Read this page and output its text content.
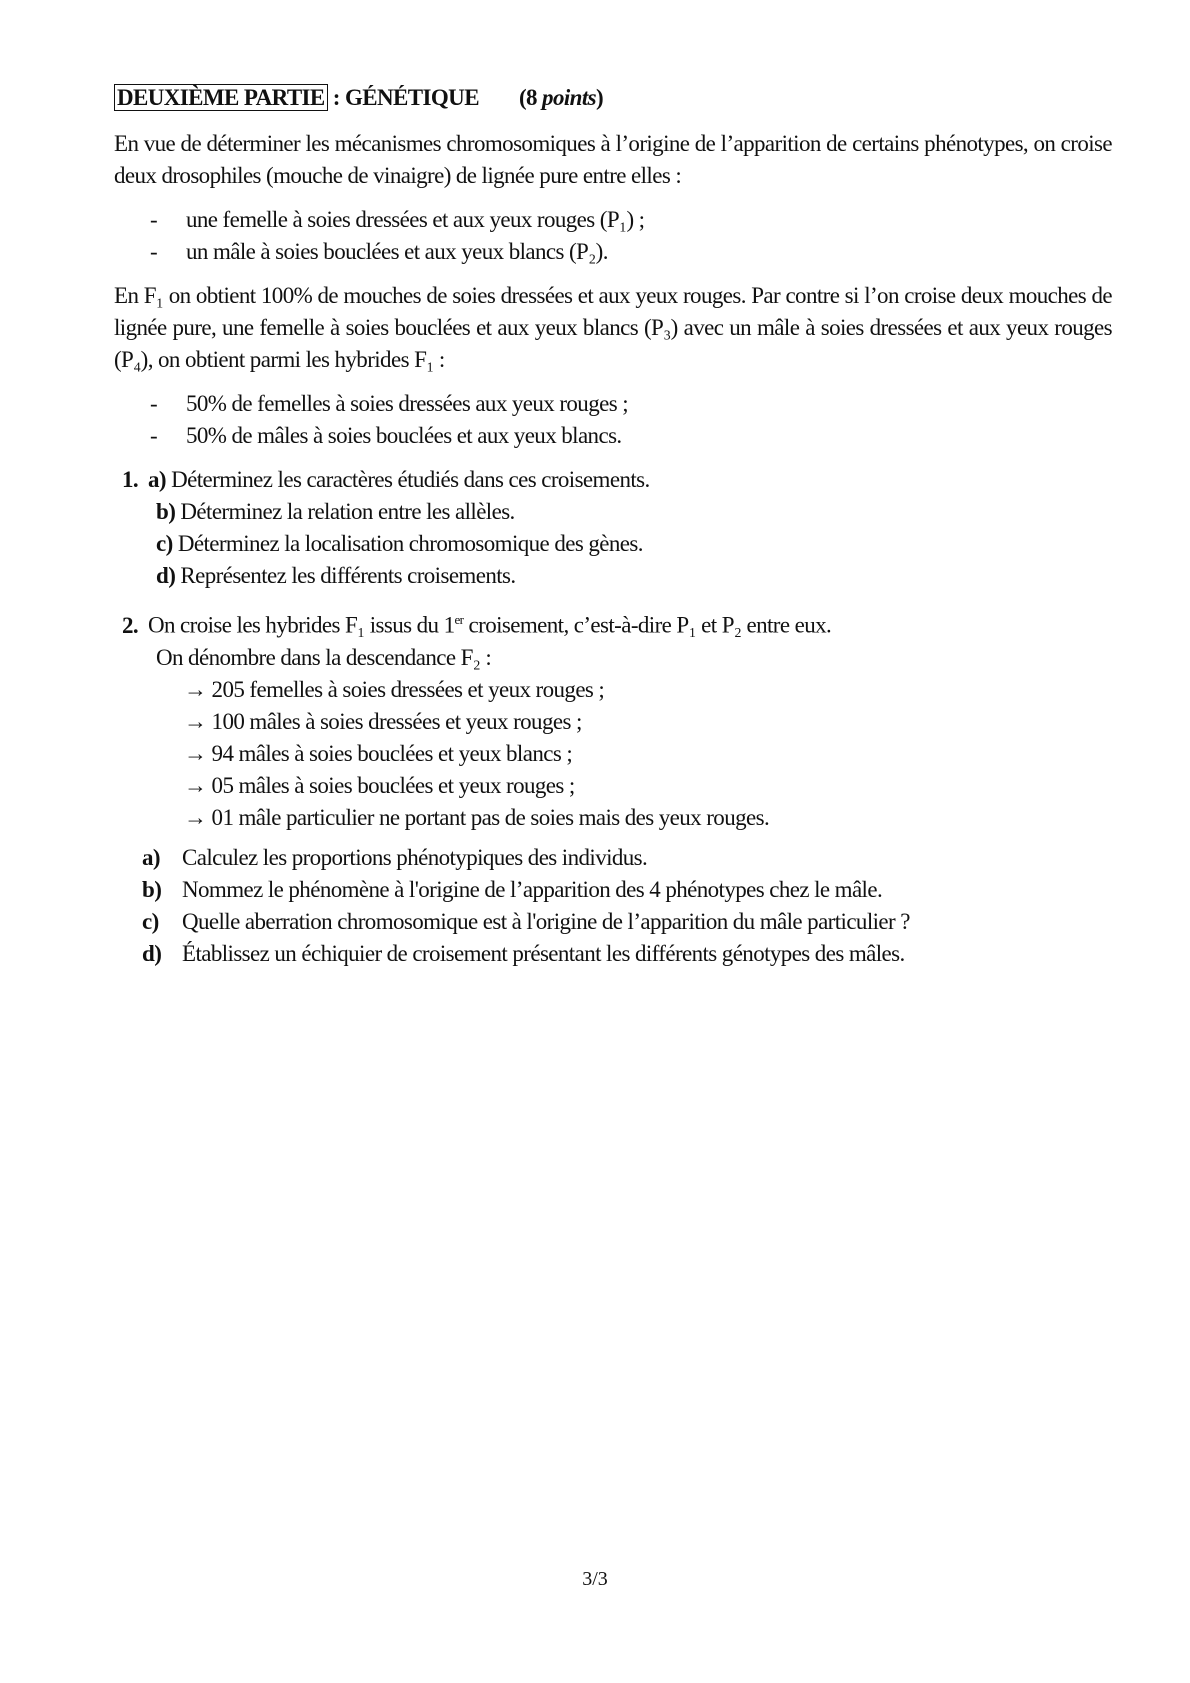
DEUXIÈME PARTIE : GÉNÉTIQUE (8 points)

En vue de déterminer les mécanismes chromosomiques à l’origine de l’apparition de certains phénotypes, on croise deux drosophiles (mouche de vinaigre) de lignée pure entre elles :

- une femelle à soies dressées et aux yeux rouges (P₁) ;
- un mâle à soies bouclées et aux yeux blancs (P₂).

En F₁ on obtient 100% de mouches de soies dressées et aux yeux rouges. Par contre si l’on croise deux mouches de lignée pure, une femelle à soies bouclées et aux yeux blancs (P₃) avec un mâle à soies dressées et aux yeux rouges (P₄), on obtient parmi les hybrides F₁ :

- 50% de femelles à soies dressées aux yeux rouges ;
- 50% de mâles à soies bouclées et aux yeux blancs.
1. a) Déterminez les caractères étudiés dans ces croisements.
b) Déterminez la relation entre les allèles.
c) Déterminez la localisation chromosomique des gènes.
d) Représentez les différents croisements.
2. On croise les hybrides F₁ issus du 1er croisement, c’est-à-dire P₁ et P₂ entre eux.
On dénombre dans la descendance F₂ :
→ 205 femelles à soies dressées et yeux rouges ;
→ 100 mâles à soies dressées et yeux rouges ;
→ 94 mâles à soies bouclées et yeux blancs ;
→ 05 mâles à soies bouclées et yeux rouges ;
→ 01 mâle particulier ne portant pas de soies mais des yeux rouges.
a) Calculez les proportions phénotypiques des individus.
b) Nommez le phénomène à l'origine de l’apparition des 4 phénotypes chez le mâle.
c) Quelle aberration chromosomique est à l'origine de l’apparition du mâle particulier ?
d) Établissez un échiquier de croisement présentant les différents génotypes des mâles.
3/3
